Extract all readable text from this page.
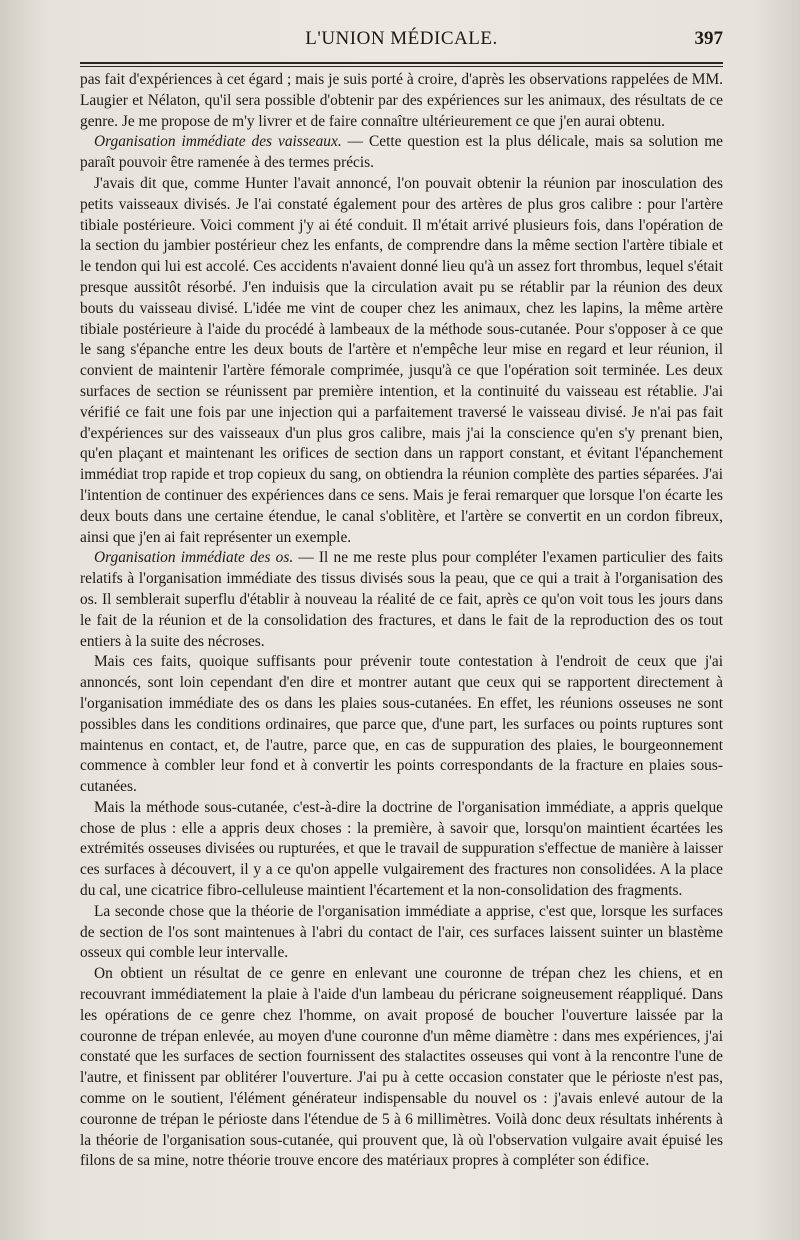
L'UNION MÉDICALE.	397

pas fait d'expériences à cet égard ; mais je suis porté à croire, d'après les observations rappelées de MM. Laugier et Nélaton, qu'il sera possible d'obtenir par des expériences sur les animaux, des résultats de ce genre. Je me propose de m'y livrer et de faire connaître ultérieurement ce que j'en aurai obtenu.

Organisation immédiate des vaisseaux. — Cette question est la plus délicale, mais sa solution me paraît pouvoir être ramenée à des termes précis.

J'avais dit que, comme Hunter l'avait annoncé, l'on pouvait obtenir la réunion par inosculation des petits vaisseaux divisés. Je l'ai constaté également pour des artères de plus gros calibre : pour l'artère tibiale postérieure. Voici comment j'y ai été conduit. Il m'était arrivé plusieurs fois, dans l'opération de la section du jambier postérieur chez les enfants, de comprendre dans la même section l'artère tibiale et le tendon qui lui est accolé. Ces accidents n'avaient donné lieu qu'à un assez fort thrombus, lequel s'était presque aussitôt résorbé. J'en induisis que la circulation avait pu se rétablir par la réunion des deux bouts du vaisseau divisé. L'idée me vint de couper chez les animaux, chez les lapins, la même artère tibiale postérieure à l'aide du procédé à lambeaux de la méthode sous-cutanée. Pour s'opposer à ce que le sang s'épanche entre les deux bouts de l'artère et n'empêche leur mise en regard et leur réunion, il convient de maintenir l'artère fémorale comprimée, jusqu'à ce que l'opération soit terminée. Les deux surfaces de section se réunissent par première intention, et la continuité du vaisseau est rétablie. J'ai vérifié ce fait une fois par une injection qui a parfaitement traversé le vaisseau divisé. Je n'ai pas fait d'expériences sur des vaisseaux d'un plus gros calibre, mais j'ai la conscience qu'en s'y prenant bien, qu'en plaçant et maintenant les orifices de section dans un rapport constant, et évitant l'épanchement immédiat trop rapide et trop copieux du sang, on obtiendra la réunion complète des parties séparées. J'ai l'intention de continuer des expériences dans ce sens. Mais je ferai remarquer que lorsque l'on écarte les deux bouts dans une certaine étendue, le canal s'oblitère, et l'artère se convertit en un cordon fibreux, ainsi que j'en ai fait représenter un exemple.

Organisation immédiate des os. — Il ne me reste plus pour compléter l'examen particulier des faits relatifs à l'organisation immédiate des tissus divisés sous la peau, que ce qui a trait à l'organisation des os. Il semblerait superflu d'établir à nouveau la réalité de ce fait, après ce qu'on voit tous les jours dans le fait de la réunion et de la consolidation des fractures, et dans le fait de la reproduction des os tout entiers à la suite des nécroses.

Mais ces faits, quoique suffisants pour prévenir toute contestation à l'endroit de ceux que j'ai annoncés, sont loin cependant d'en dire et montrer autant que ceux qui se rapportent directement à l'organisation immédiate des os dans les plaies sous-cutanées. En effet, les réunions osseuses ne sont possibles dans les conditions ordinaires, que parce que, d'une part, les surfaces ou points ruptures sont maintenus en contact, et, de l'autre, parce que, en cas de suppuration des plaies, le bourgeonnement commence à combler leur fond et à convertir les points correspondants de la fracture en plaies sous-cutanées.

Mais la méthode sous-cutanée, c'est-à-dire la doctrine de l'organisation immédiate, a appris quelque chose de plus : elle a appris deux choses : la première, à savoir que, lorsqu'on maintient écartées les extrémités osseuses divisées ou rupturées, et que le travail de suppuration s'effectue de manière à laisser ces surfaces à découvert, il y a ce qu'on appelle vulgairement des fractures non consolidées. A la place du cal, une cicatrice fibro-celluleuse maintient l'écartement et la non-consolidation des fragments.

La seconde chose que la théorie de l'organisation immédiate a apprise, c'est que, lorsque les surfaces de section de l'os sont maintenues à l'abri du contact de l'air, ces surfaces laissent suinter un blastème osseux qui comble leur intervalle.

On obtient un résultat de ce genre en enlevant une couronne de trépan chez les chiens, et en recouvrant immédiatement la plaie à l'aide d'un lambeau du péricrane soigneusement réappliqué. Dans les opérations de ce genre chez l'homme, on avait proposé de boucher l'ouverture laissée par la couronne de trépan enlevée, au moyen d'une couronne d'un même diamètre : dans mes expériences, j'ai constaté que les surfaces de section fournissent des stalactites osseuses qui vont à la rencontre l'une de l'autre, et finissent par oblitérer l'ouverture. J'ai pu à cette occasion constater que le périoste n'est pas, comme on le soutient, l'élément générateur indispensable du nouvel os : j'avais enlevé autour de la couronne de trépan le périoste dans l'étendue de 5 à 6 millimètres. Voilà donc deux résultats inhérents à la théorie de l'organisation sous-cutanée, qui prouvent que, là où l'observation vulgaire avait épuisé les filons de sa mine, notre théorie trouve encore des matériaux propres à compléter son édifice.
